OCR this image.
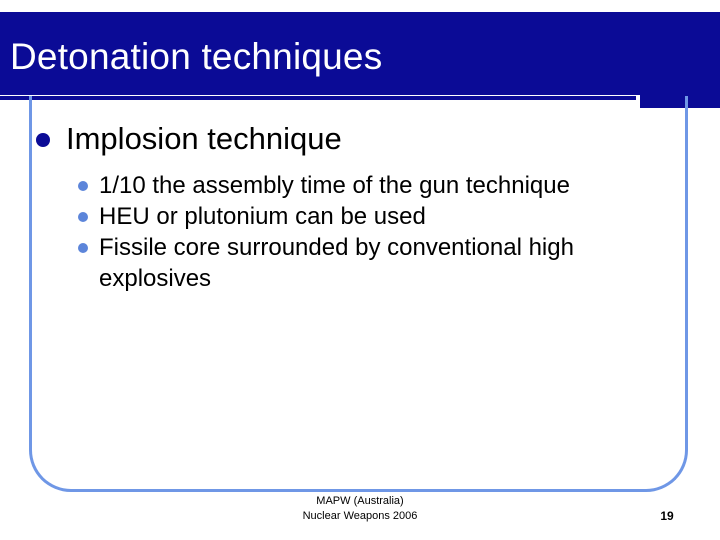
Detonation techniques
Implosion technique
1/10 the assembly time of the gun technique
HEU or plutonium can be used
Fissile core surrounded by conventional high explosives
MAPW (Australia)
Nuclear Weapons 2006	19
